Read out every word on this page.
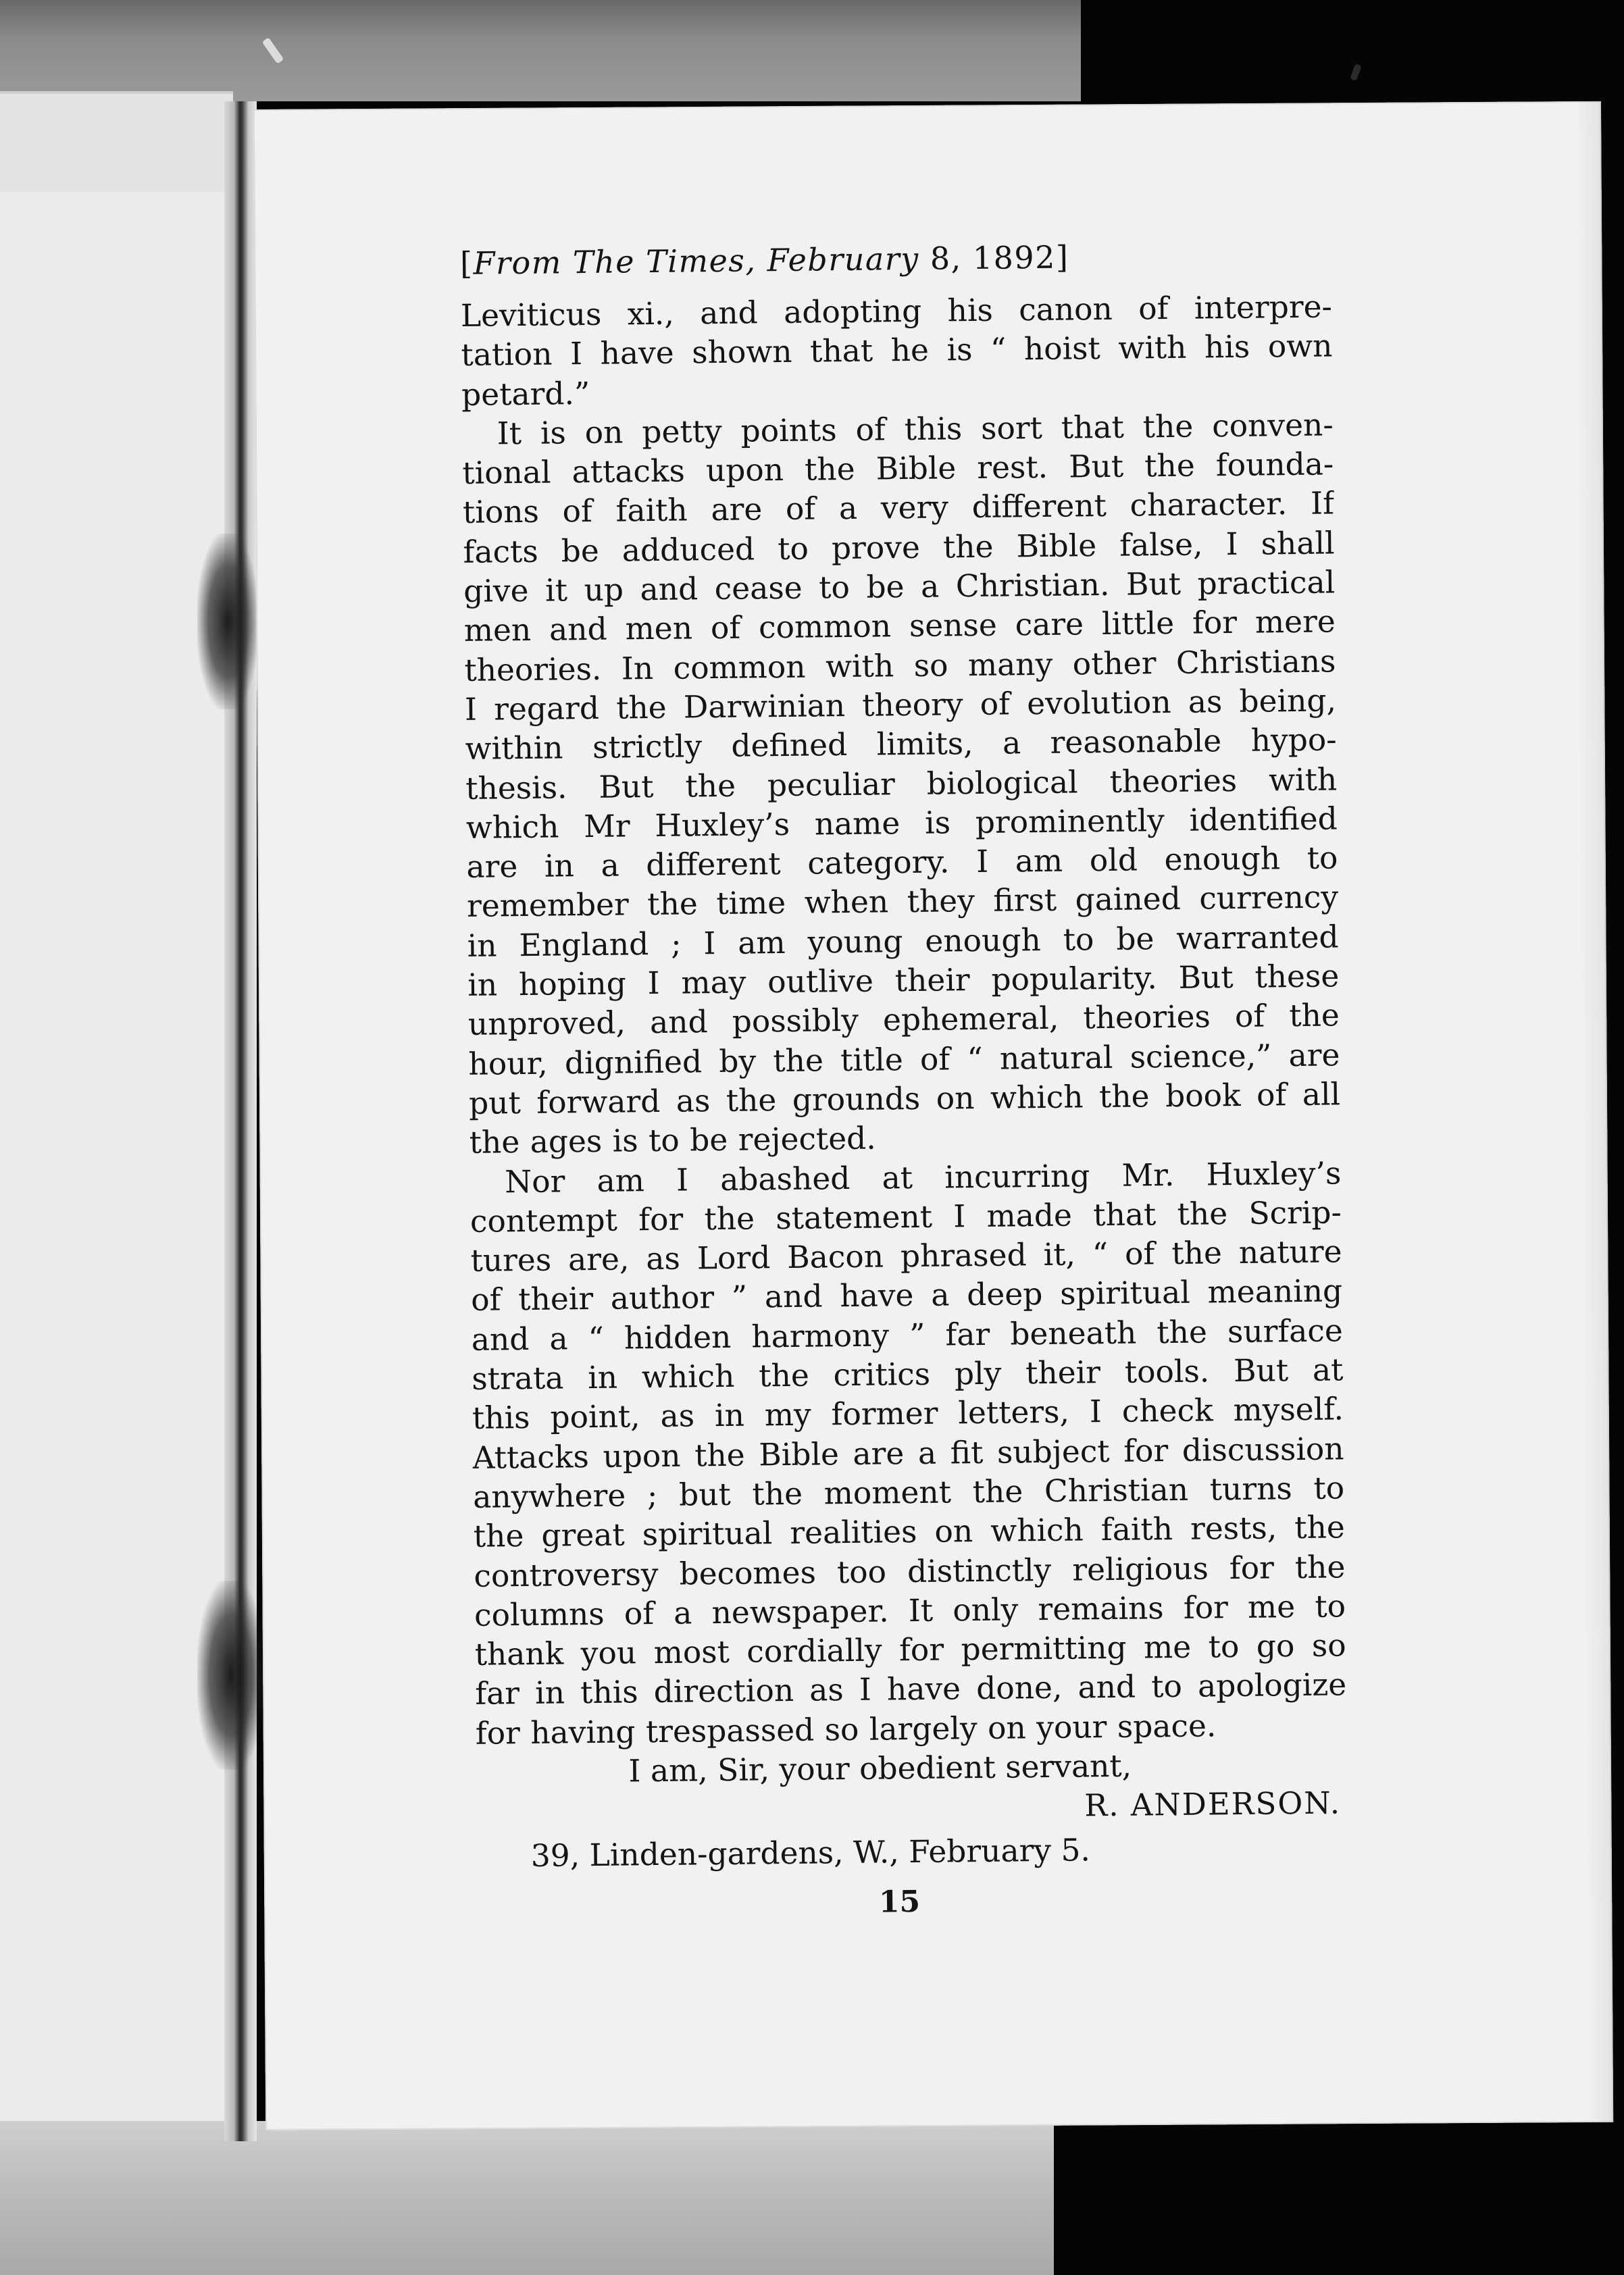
[From The Times, February 8, 1892]

Leviticus xi., and adopting his canon of interpre-
tation I have shown that he is “ hoist with his own
petard.”

It is on petty points of this sort that the conven-
tional attacks upon the Bible rest. But the founda-
tions of faith are of a very different character. If
facts be adduced to prove the Bible false, I shall
give it up and cease to be a Christian. But practical
men and men of common sense care little for mere
theories. In common with so many other Christians
I regard the Darwinian theory of evolution as being,
within strictly defined limits, a reasonable hypo-
thesis. But the peculiar biological theories with
which Mr Huxley’s name is prominently identified
are in a different category. I am old enough to
remember the time when they first gained currency
in England ; I am young enough to be warranted
in hoping I may outlive their popularity. But these
unproved, and possibly ephemeral, theories of the
hour, dignified by the title of “ natural science,” are
put forward as the grounds on which the book of all
the ages is to be rejected.

Nor am I abashed at incurring Mr. Huxley’s
contempt for the statement I made that the Scrip-
tures are, as Lord Bacon phrased it, “ of the nature
of their author ” and have a deep spiritual meaning
and a “ hidden harmony ” far beneath the surface
strata in which the critics ply their tools. But at
this point, as in my former letters, I check myself.
Attacks upon the Bible are a fit subject for discussion
anywhere ; but the moment the Christian turns to
the great spiritual realities on which faith rests, the
controversy becomes too distinctly religious for the
columns of a newspaper. It only remains for me to
thank you most cordially for permitting me to go so
far in this direction as I have done, and to apologize
for having trespassed so largely on your space.

I am, Sir, your obedient servant,

R. ANDERSON.

39, Linden-gardens, W., February 5.

15
